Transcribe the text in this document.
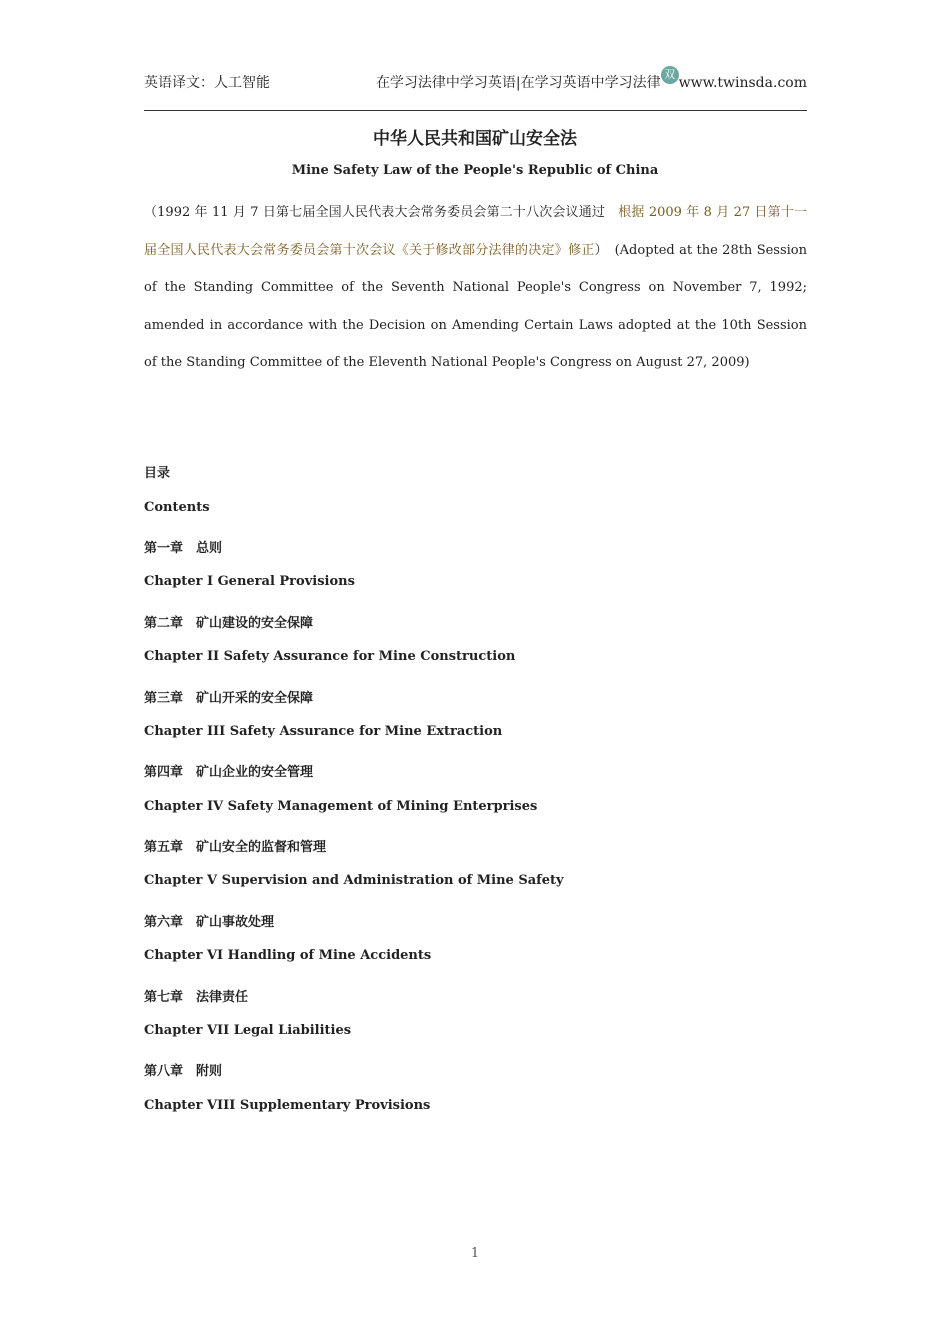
英语译文：人工智能	在学习法律中学习英语|在学习英语中学习法律双www.twinsda.com
中华人民共和国矿山安全法
Mine Safety Law of the People's Republic of China
（1992 年 11 月 7 日第七届全国人民代表大会常务委员会第二十八次会议通过　根据 2009 年 8 月 27 日第十一届全国人民代表大会常务委员会第十次会议《关于修改部分法律的决定》修正）　(Adopted at the 28th Session of the Standing Committee of the Seventh National People's Congress on November 7, 1992; amended in accordance with the Decision on Amending Certain Laws adopted at the 10th Session of the Standing Committee of the Eleventh National People's Congress on August 27, 2009)
目录
Contents
第一章　总则
Chapter I General Provisions
第二章　矿山建设的安全保障
Chapter II Safety Assurance for Mine Construction
第三章　矿山开采的安全保障
Chapter III Safety Assurance for Mine Extraction
第四章　矿山企业的安全管理
Chapter IV Safety Management of Mining Enterprises
第五章　矿山安全的监督和管理
Chapter V Supervision and Administration of Mine Safety
第六章　矿山事故处理
Chapter VI Handling of Mine Accidents
第七章　法律责任
Chapter VII Legal Liabilities
第八章　附则
Chapter VIII Supplementary Provisions
1
